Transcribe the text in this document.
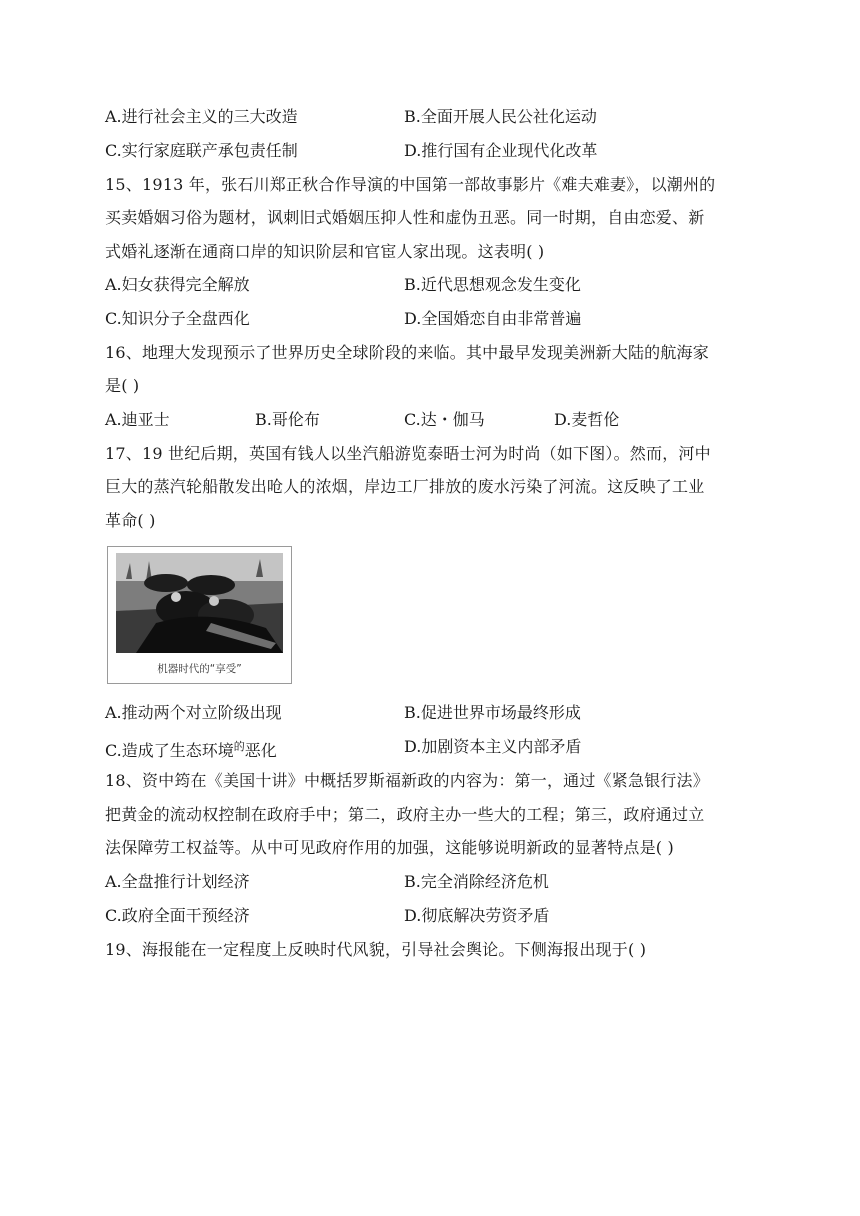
A.进行社会主义的三大改造	B.全面开展人民公社化运动
C.实行家庭联产承包责任制	D.推行国有企业现代化改革
15、1913 年，张石川郑正秋合作导演的中国第一部故事影片《难夫难妻》，以潮州的
买卖婚姻习俗为题材，讽刺旧式婚姻压抑人性和虚伪丑恶。同一时期，自由恋爱、新
式婚礼逐渐在通商口岸的知识阶层和官宦人家出现。这表明( )
A.妇女获得完全解放	B.近代思想观念发生变化
C.知识分子全盘西化	D.全国婚恋自由非常普遍
16、地理大发现预示了世界历史全球阶段的来临。其中最早发现美洲新大陆的航海家
是( )
A.迪亚士	B.哥伦布	C.达・伽马	D.麦哲伦
17、19 世纪后期，英国有钱人以坐汽船游览泰晤士河为时尚（如下图）。然而，河中
巨大的蒸汽轮船散发出呛人的浓烟，岸边工厂排放的废水污染了河流。这反映了工业
革命( )
机器时代的“享受”
A.推动两个对立阶级出现	B.促进世界市场最终形成
C.造成了生态环境$^的$恶化	D.加剧资本主义内部矛盾
18、资中筠在《美国十讲》中概括罗斯福新政的内容为：第一，通过《紧急银行法》
把黄金的流动权控制在政府手中；第二，政府主办一些大的工程；第三，政府通过立
法保障劳工权益等。从中可见政府作用的加强，这能够说明新政的显著特点是( )
A.全盘推行计划经济	B.完全消除经济危机
C.政府全面干预经济	D.彻底解决劳资矛盾
19、海报能在一定程度上反映时代风貌，引导社会舆论。下侧海报出现于( )
